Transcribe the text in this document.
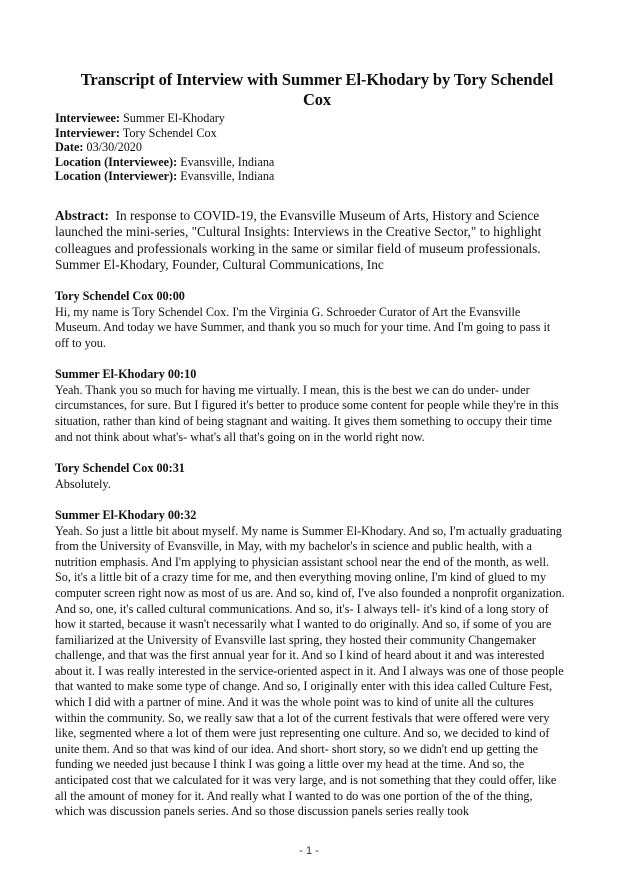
Transcript of Interview with Summer El-Khodary by Tory Schendel Cox

Interviewee: Summer El-Khodary

Interviewer: Tory Schendel Cox

Date: 03/30/2020

Location (Interviewee): Evansville, Indiana

Location (Interviewer): Evansville, Indiana

Abstract: In response to COVID-19, the Evansville Museum of Arts, History and Science launched the mini-series, "Cultural Insights: Interviews in the Creative Sector," to highlight colleagues and professionals working in the same or similar field of museum professionals.

Summer El-Khodary, Founder, Cultural Communications, Inc

Tory Schendel Cox 00:00

Hi, my name is Tory Schendel Cox. I'm the Virginia G. Schroeder Curator of Art the Evansville Museum. And today we have Summer, and thank you so much for your time. And I'm going to pass it off to you.

Summer El-Khodary 00:10

Yeah. Thank you so much for having me virtually. I mean, this is the best we can do under- under circumstances, for sure. But I figured it's better to produce some content for people while they're in this situation, rather than kind of being stagnant and waiting. It gives them something to occupy their time and not think about what's- what's all that's going on in the world right now.

Tory Schendel Cox 00:31

Absolutely.

Summer El-Khodary 00:32

Yeah. So just a little bit about myself. My name is Summer El-Khodary. And so, I'm actually graduating from the University of Evansville, in May, with my bachelor's in science and public health, with a nutrition emphasis. And I'm applying to physician assistant school near the end of the month, as well. So, it's a little bit of a crazy time for me, and then everything moving online, I'm kind of glued to my computer screen right now as most of us are. And so, kind of, I've also founded a nonprofit organization. And so, one, it's called cultural communications. And so, it's- I always tell- it's kind of a long story of how it started, because it wasn't necessarily what I wanted to do originally. And so, if some of you are familiarized at the University of Evansville last spring, they hosted their community Changemaker challenge, and that was the first annual year for it. And so I kind of heard about it and was interested about it. I was really interested in the service-oriented aspect in it. And I always was one of those people that wanted to make some type of change. And so, I originally enter with this idea called Culture Fest, which I did with a partner of mine. And it was the whole point was to kind of unite all the cultures within the community. So, we really saw that a lot of the current festivals that were offered were very like, segmented where a lot of them were just representing one culture. And so, we decided to kind of unite them. And so that was kind of our idea. And short- short story, so we didn't end up getting the funding we needed just because I think I was going a little over my head at the time. And so, the anticipated cost that we calculated for it was very large, and is not something that they could offer, like all the amount of money for it. And really what I wanted to do was one portion of the of the thing, which was discussion panels series. And so those discussion panels series really took

- 1 -
